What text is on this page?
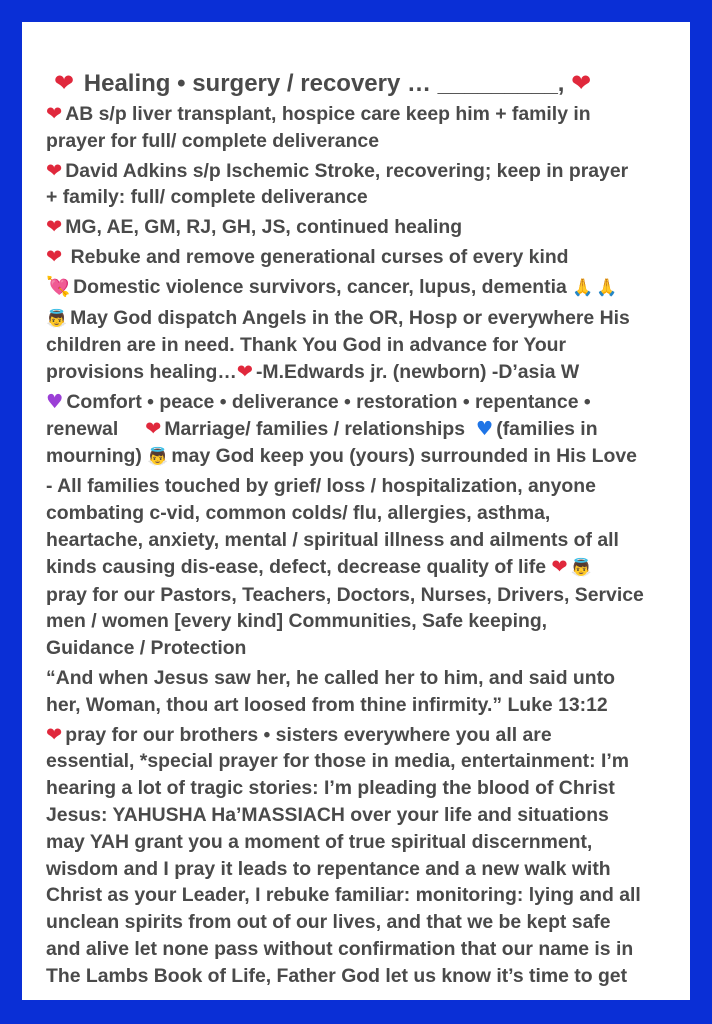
❤ Healing • surgery / recovery … _________, ❤

❤ AB s/p liver transplant, hospice care keep him + family in

prayer for full/ complete deliverance

❤ David Adkins s/p Ischemic Stroke, recovering; keep in prayer

+ family: full/ complete deliverance

❤ MG, AE, GM, RJ, GH, JS, continued healing

❤ Rebuke and remove generational curses of every kind

💘 Domestic violence survivors, cancer, lupus, dementia 🙏 🙏

👼 May God dispatch Angels in the OR, Hosp or everywhere His

children are in need. Thank You God in advance for Your

provisions healing…❤ -M.Edwards jr. (newborn) -D’asia W

♥ Comfort • peace • deliverance • restoration • repentance •

renewal ❤ Marriage/ families / relationships ♥ (families in

mourning) 👼 may God keep you (yours) surrounded in His Love

- All families touched by grief/ loss / hospitalization, anyone

combating c-vid, common colds/ flu, allergies, asthma,

heartache, anxiety, mental / spiritual illness and ailments of all

kinds causing dis-ease, defect, decrease quality of life ❤ 👼

pray for our Pastors, Teachers, Doctors, Nurses, Drivers, Service

men / women [every kind] Communities, Safe keeping,

Guidance / Protection

“And when Jesus saw her, he called her to him, and said unto

her, Woman, thou art loosed from thine infirmity.” Luke 13:12

❤ pray for our brothers • sisters everywhere you all are

essential, *special prayer for those in media, entertainment: I’m

hearing a lot of tragic stories: I’m pleading the blood of Christ

Jesus: YAHUSHA Ha’MASSIACH over your life and situations

may YAH grant you a moment of true spiritual discernment,

wisdom and I pray it leads to repentance and a new walk with

Christ as your Leader, I rebuke familiar: monitoring: lying and all

unclean spirits from out of our lives, and that we be kept safe

and alive let none pass without confirmation that our name is in

The Lambs Book of Life, Father God let us know it’s time to get
